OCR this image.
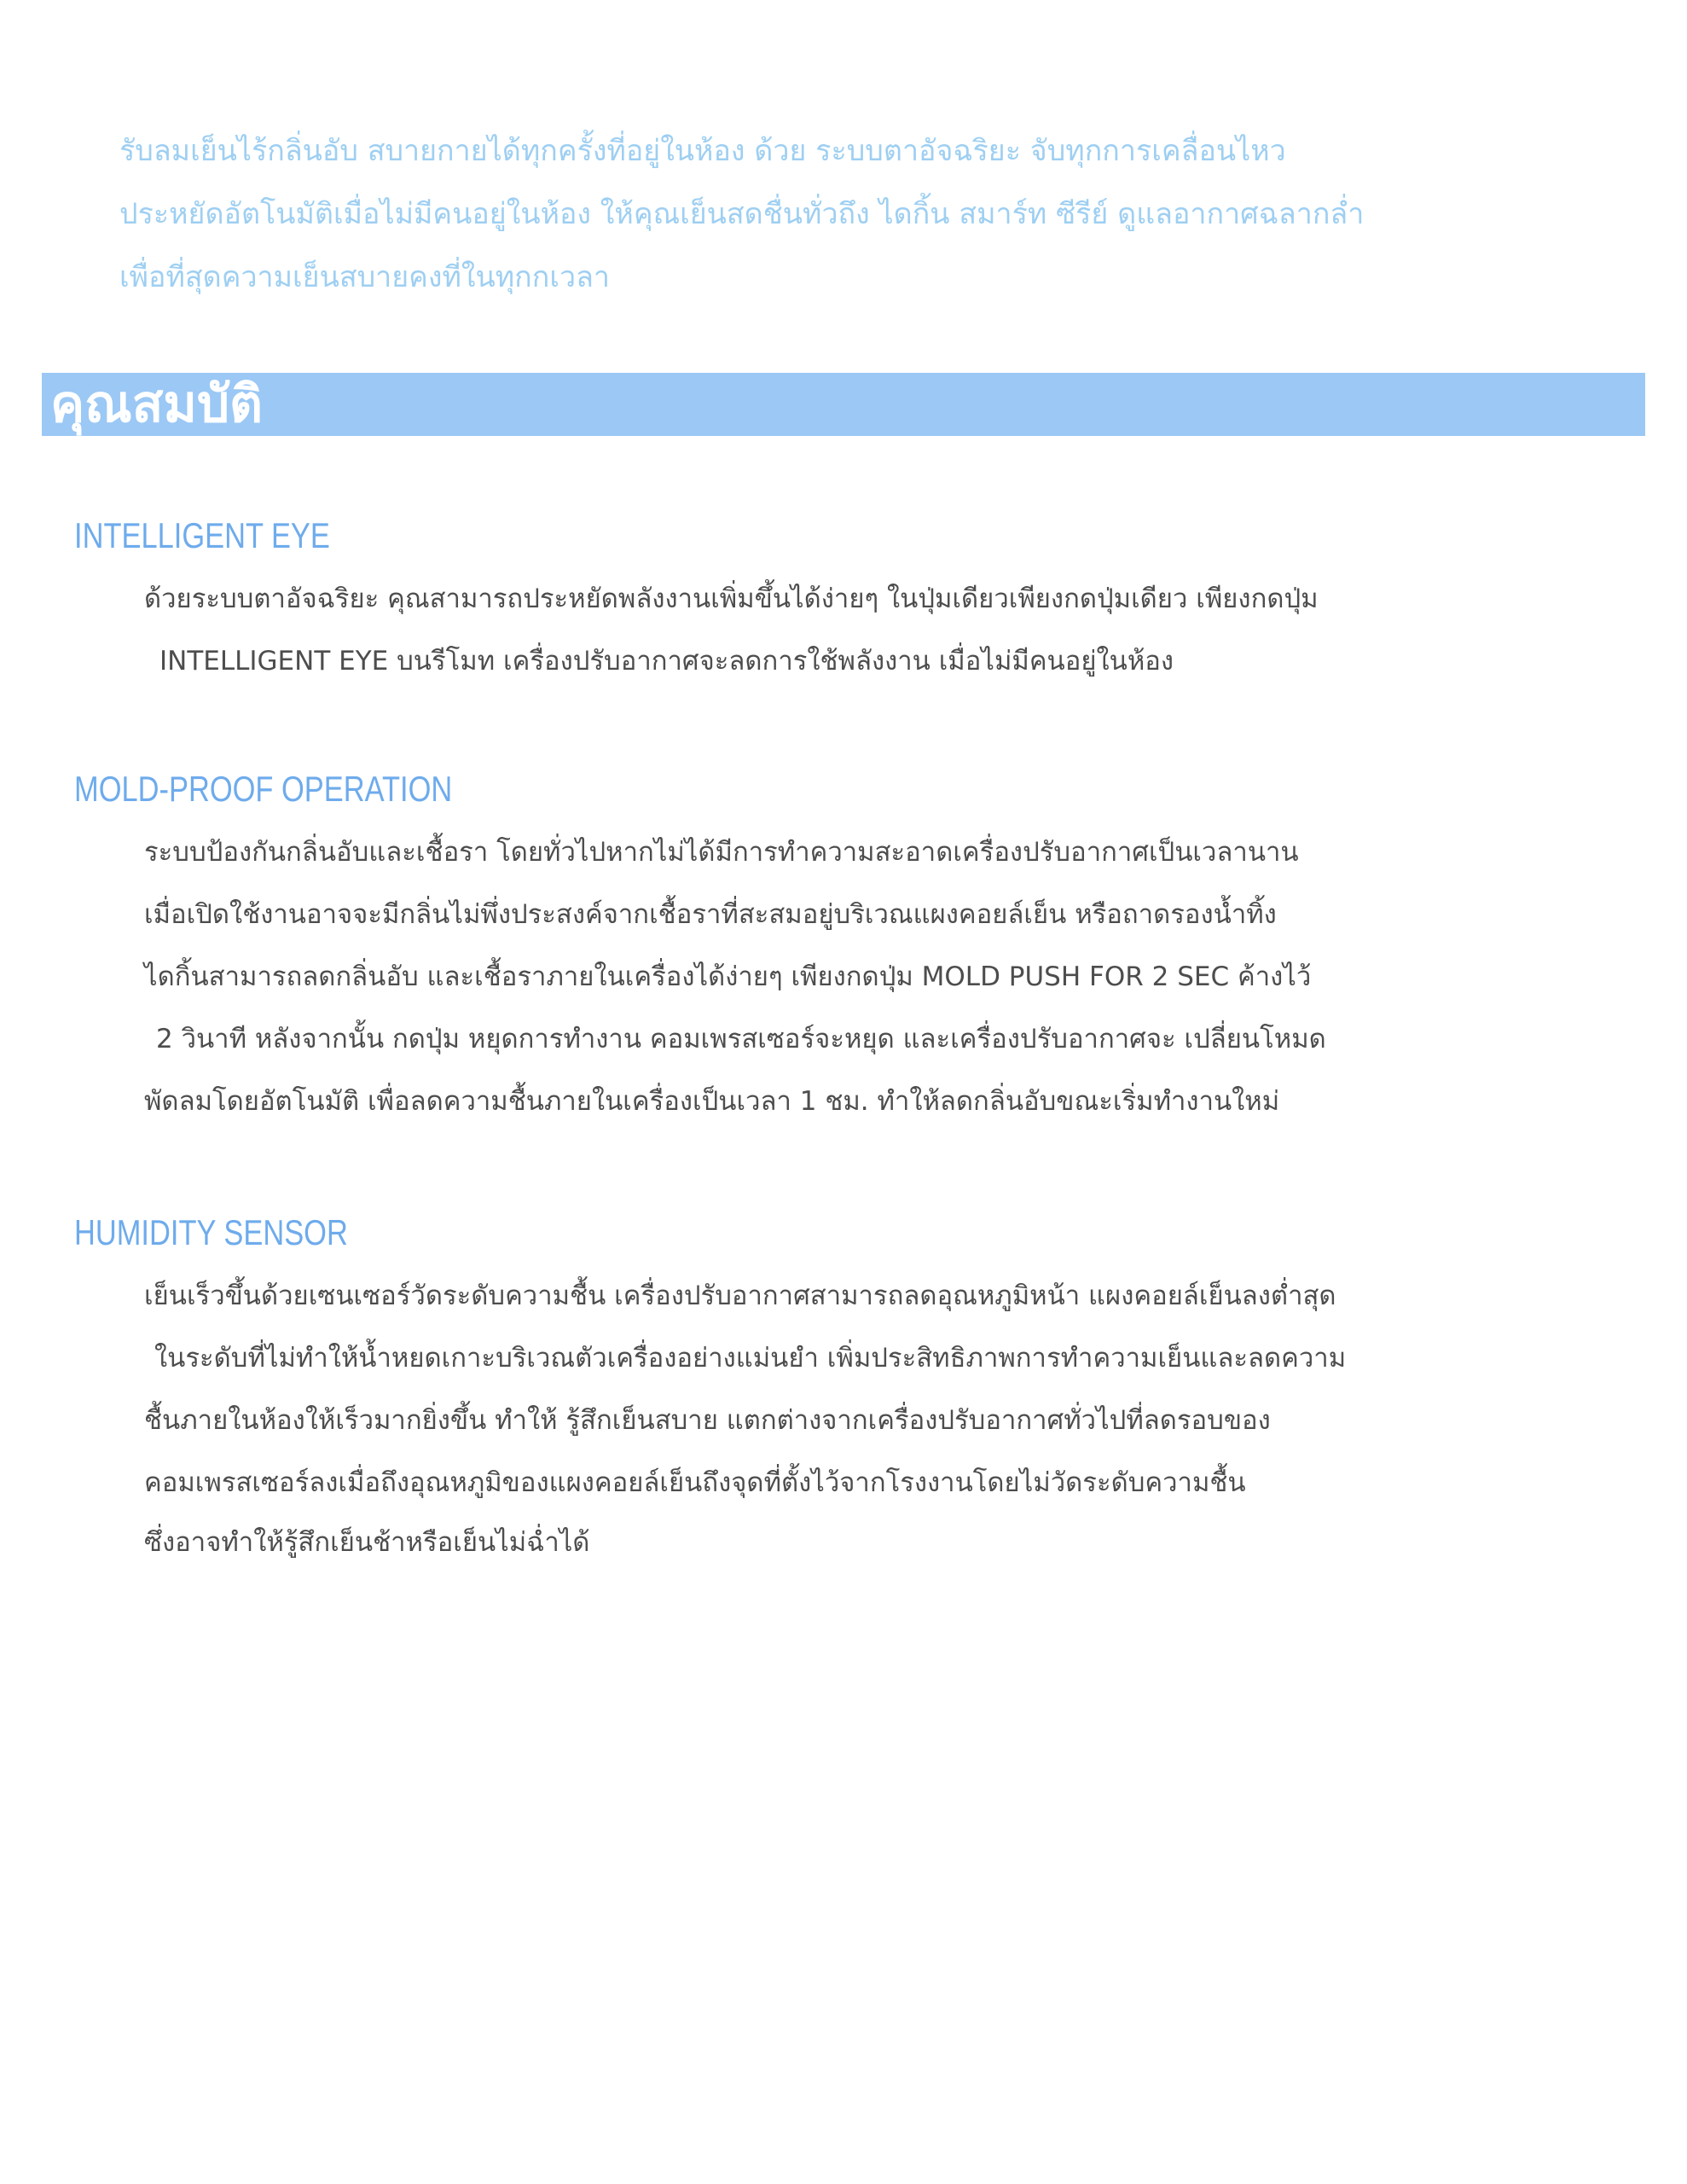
รับลมเย็นไร้กลิ่นอับ สบายกายได้ทุกครั้งที่อยู่ในห้อง ด้วย ระบบตาอัจฉริยะ จับทุกการเคลื่อนไหว
ประหยัดอัตโนมัติเมื่อไม่มีคนอยู่ในห้อง ให้คุณเย็นสดชื่นทั่วถึง ไดกิ้น สมาร์ท ซีรีย์ ดูแลอากาศฉลากล่ำ
เพื่อที่สุดความเย็นสบายคงที่ในทุกกเวลา
คุณสมบัติ
INTELLIGENT EYE
ด้วยระบบตาอัจฉริยะ คุณสามารถประหยัดพลังงานเพิ่มขึ้นได้ง่ายๆ ในปุ่มเดียวเพียงกดปุ่มเดียว เพียงกดปุ่ม
INTELLIGENT EYE บนรีโมท เครื่องปรับอากาศจะลดการใช้พลังงาน เมื่อไม่มีคนอยู่ในห้อง
MOLD-PROOF OPERATION
ระบบป้องกันกลิ่นอับและเชื้อรา โดยทั่วไปหากไม่ได้มีการทำความสะอาดเครื่องปรับอากาศเป็นเวลานาน
เมื่อเปิดใช้งานอาจจะมีกลิ่นไม่พึ่งประสงค์จากเชื้อราที่สะสมอยู่บริเวณแผงคอยล์เย็น หรือถาดรองน้ำทิ้ง
ไดกิ้นสามารถลดกลิ่นอับ และเชื้อราภายในเครื่องได้ง่ายๆ เพียงกดปุ่ม MOLD PUSH FOR 2 SEC ค้างไว้
2 วินาที หลังจากนั้น กดปุ่ม หยุดการทำงาน คอมเพรสเซอร์จะหยุด และเครื่องปรับอากาศจะ เปลี่ยนโหมด
พัดลมโดยอัตโนมัติ เพื่อลดความชื้นภายในเครื่องเป็นเวลา 1 ชม. ทำให้ลดกลิ่นอับขณะเริ่มทำงานใหม่
HUMIDITY SENSOR
เย็นเร็วขึ้นด้วยเซนเซอร์วัดระดับความชื้น เครื่องปรับอากาศสามารถลดอุณหภูมิหน้า แผงคอยล์เย็นลงต่ำสุด
ในระดับที่ไม่ทำให้น้ำหยดเกาะบริเวณตัวเครื่องอย่างแม่นยำ เพิ่มประสิทธิภาพการทำความเย็นและลดความ
ชื้นภายในห้องให้เร็วมากยิ่งขึ้น ทำให้ รู้สึกเย็นสบาย แตกต่างจากเครื่องปรับอากาศทั่วไปที่ลดรอบของ
คอมเพรสเซอร์ลงเมื่อถึงอุณหภูมิของแผงคอยล์เย็นถึงจุดที่ตั้งไว้จากโรงงานโดยไม่วัดระดับความชื้น
ซึ่งอาจทำให้รู้สึกเย็นช้าหรือเย็นไม่ฉ่ำได้
